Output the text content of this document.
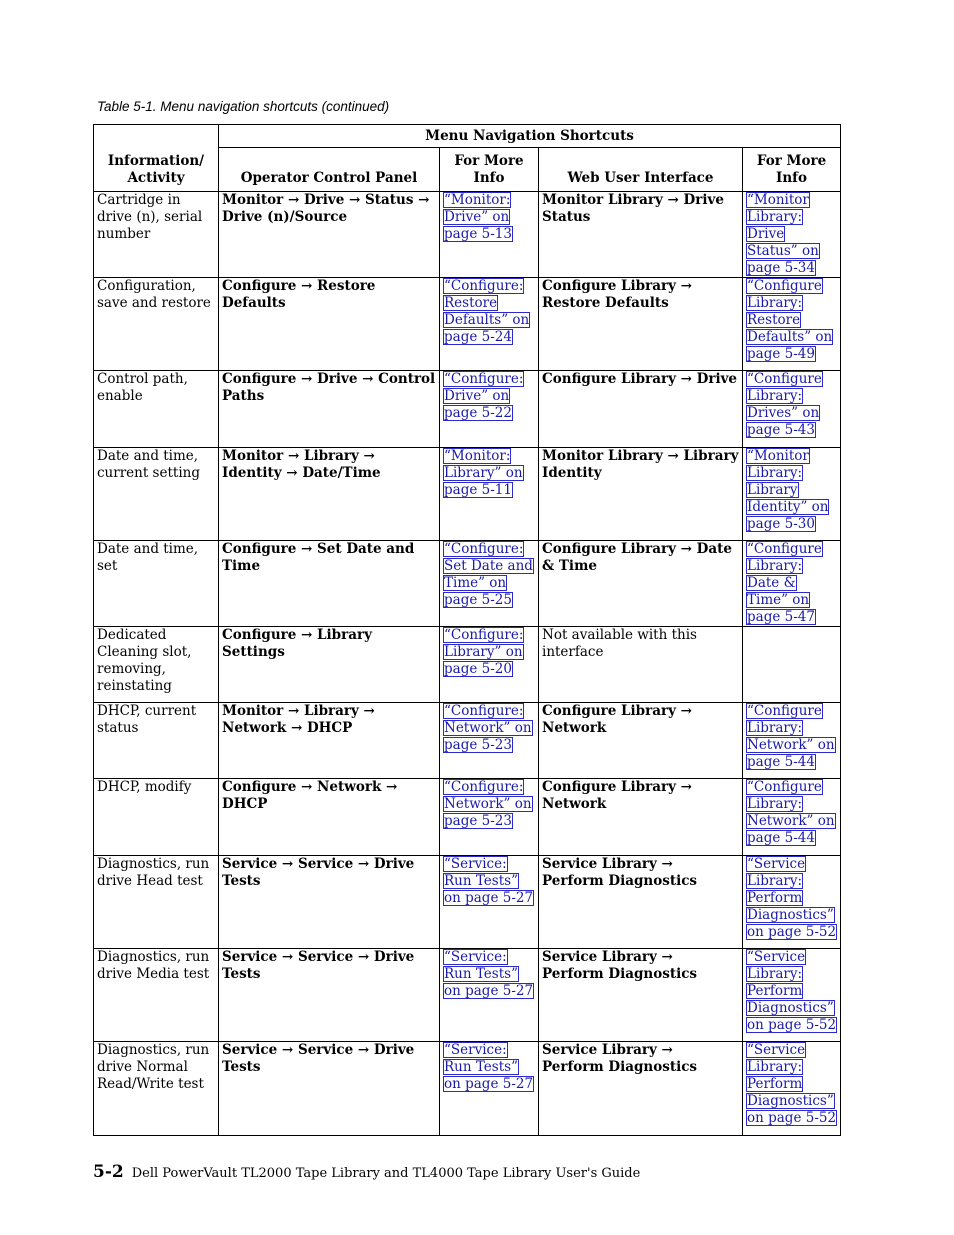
Table 5-1. Menu navigation shortcuts (continued)
Information/ Activity	Menu Navigation Shortcuts			
	Operator Control Panel	For More Info	Web User Interface	For More Info
Cartridge in drive (n), serial number	Monitor → Drive → Status → Drive (n)/Source	“Monitor: Drive” on page 5-13	Monitor Library → Drive Status	“Monitor Library: Drive Status” on page 5-34
Configuration, save and restore	Configure → Restore Defaults	“Configure: Restore Defaults” on page 5-24	Configure Library → Restore Defaults	“Configure Library: Restore Defaults” on page 5-49
Control path, enable	Configure → Drive → Control Paths	“Configure: Drive” on page 5-22	Configure Library → Drive	“Configure Library: Drives” on page 5-43
Date and time, current setting	Monitor → Library → Identity → Date/Time	“Monitor: Library” on page 5-11	Monitor Library → Library Identity	“Monitor Library: Library Identity” on page 5-30
Date and time, set	Configure → Set Date and Time	“Configure: Set Date and Time” on page 5-25	Configure Library → Date & Time	“Configure Library: Date & Time” on page 5-47
Dedicated Cleaning slot, removing, reinstating	Configure → Library Settings	“Configure: Library” on page 5-20	Not available with this interface	
DHCP, current status	Monitor → Library → Network → DHCP	“Configure: Network” on page 5-23	Configure Library → Network	“Configure Library: Network” on page 5-44
DHCP, modify	Configure → Network → DHCP	“Configure: Network” on page 5-23	Configure Library → Network	“Configure Library: Network” on page 5-44
Diagnostics, run drive Head test	Service → Service → Drive Tests	“Service: Run Tests” on page 5-27	Service Library → Perform Diagnostics	“Service Library: Perform Diagnostics” on page 5-52
Diagnostics, run drive Media test	Service → Service → Drive Tests	“Service: Run Tests” on page 5-27	Service Library → Perform Diagnostics	“Service Library: Perform Diagnostics” on page 5-52
Diagnostics, run drive Normal Read/Write test	Service → Service → Drive Tests	“Service: Run Tests” on page 5-27	Service Library → Perform Diagnostics	“Service Library: Perform Diagnostics” on page 5-52
5-2 Dell PowerVault TL2000 Tape Library and TL4000 Tape Library User's Guide
